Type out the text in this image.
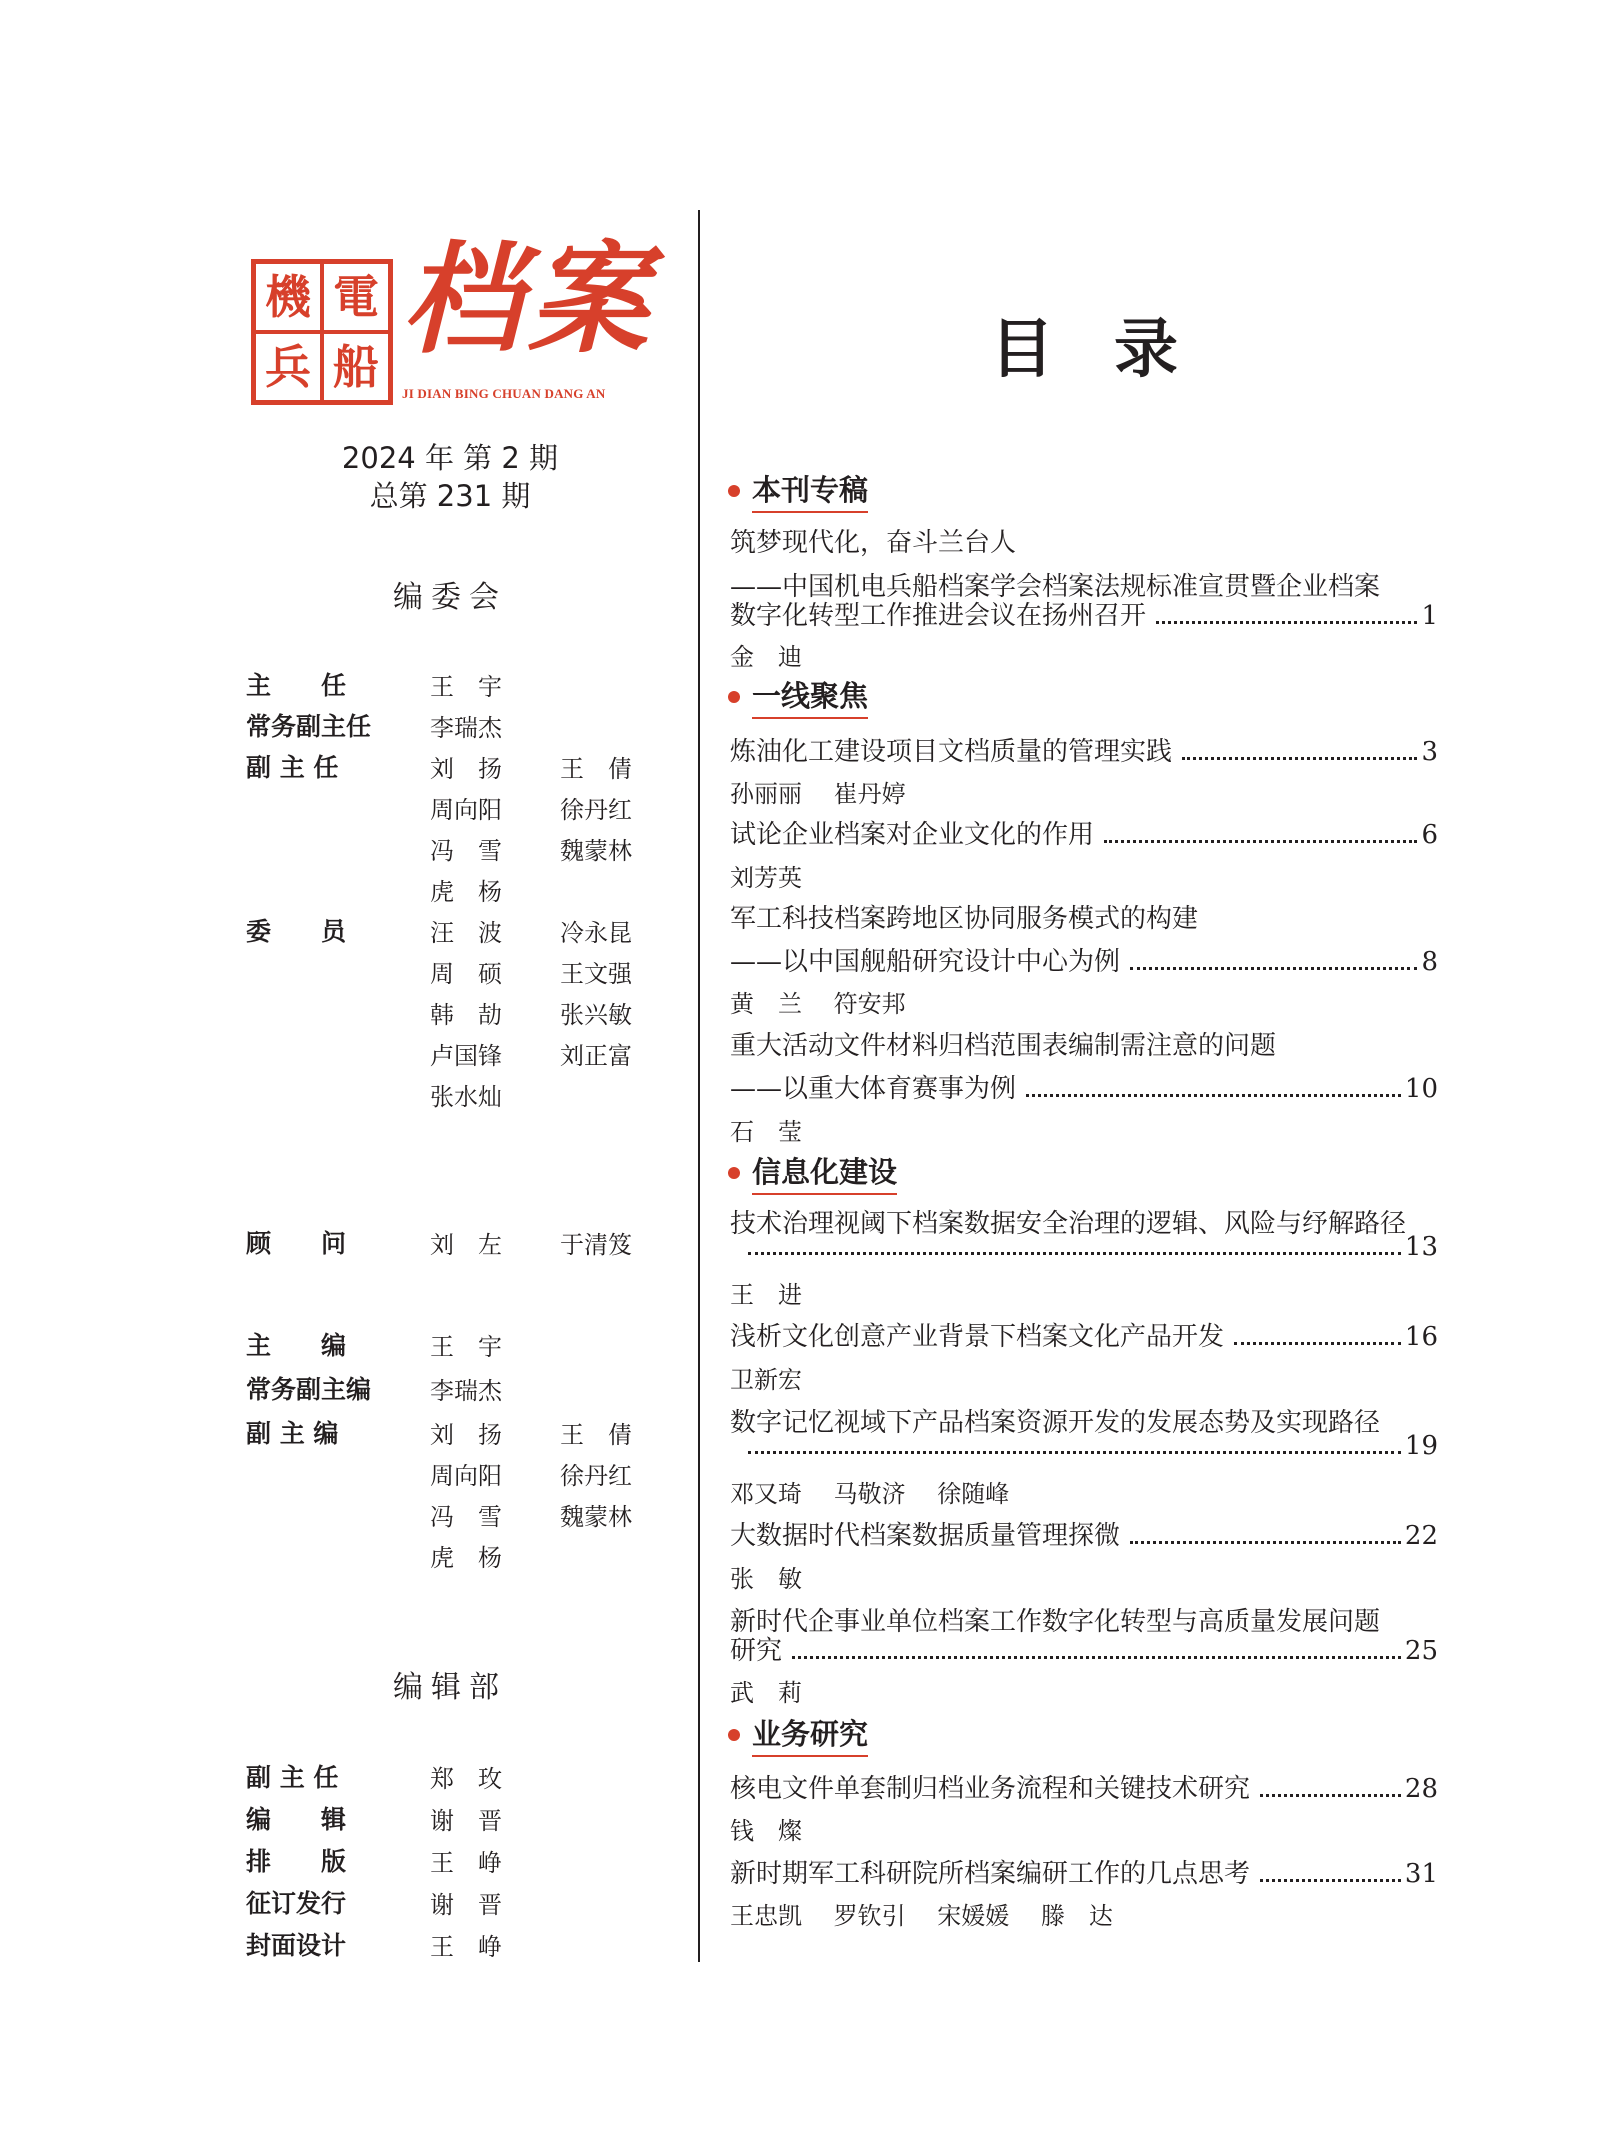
機 電
兵 船 档案
JI DIAN BING CHUAN DANG AN
2024 年 第 2 期
总第 231 期
编委会
主　　任	王　宇
常务副主任 李瑞杰
副 主 任	刘　扬 王　倩
周向阳 徐丹红
冯　雪 魏蒙林
虎　杨
委　　员	汪　波 冷永昆
周　硕 王文强
韩　劼 张兴敏
卢国锋 刘正富
张水灿
顾　　问	刘　左 于清笈
主　　编	王　宇
常务副主编 李瑞杰
副 主 编	刘　扬 王　倩
周向阳 徐丹红
冯　雪 魏蒙林
虎　杨
编辑部
副 主 任	郑　玫
编　　辑	谢　晋
排　　版	王　峥
征订发行	谢　晋
封面设计	王　峥
目录
本刊专稿
筑梦现代化，奋斗兰台人
——中国机电兵船档案学会档案法规标准宣贯暨企业档案
数字化转型工作推进会议在扬州召开	1
金　迪
一线聚焦
炼油化工建设项目文档质量的管理实践	3
孙丽丽　 崔丹婷
试论企业档案对企业文化的作用	6
刘芳英
军工科技档案跨地区协同服务模式的构建
——以中国舰船研究设计中心为例	8
黄　兰　 符安邦
重大活动文件材料归档范围表编制需注意的问题
——以重大体育赛事为例	10
石　莹
信息化建设
技术治理视阈下档案数据安全治理的逻辑、风险与纾解路径
13
王　进
浅析文化创意产业背景下档案文化产品开发	16
卫新宏
数字记忆视域下产品档案资源开发的发展态势及实现路径
19
邓又琦　 马敬济　 徐随峰
大数据时代档案数据质量管理探微	22
张　敏
新时代企事业单位档案工作数字化转型与高质量发展问题
研究	25
武　莉
业务研究
核电文件单套制归档业务流程和关键技术研究	28
钱　燦
新时期军工科研院所档案编研工作的几点思考	31
王忠凯　 罗钦引　 宋媛媛　 滕　达
